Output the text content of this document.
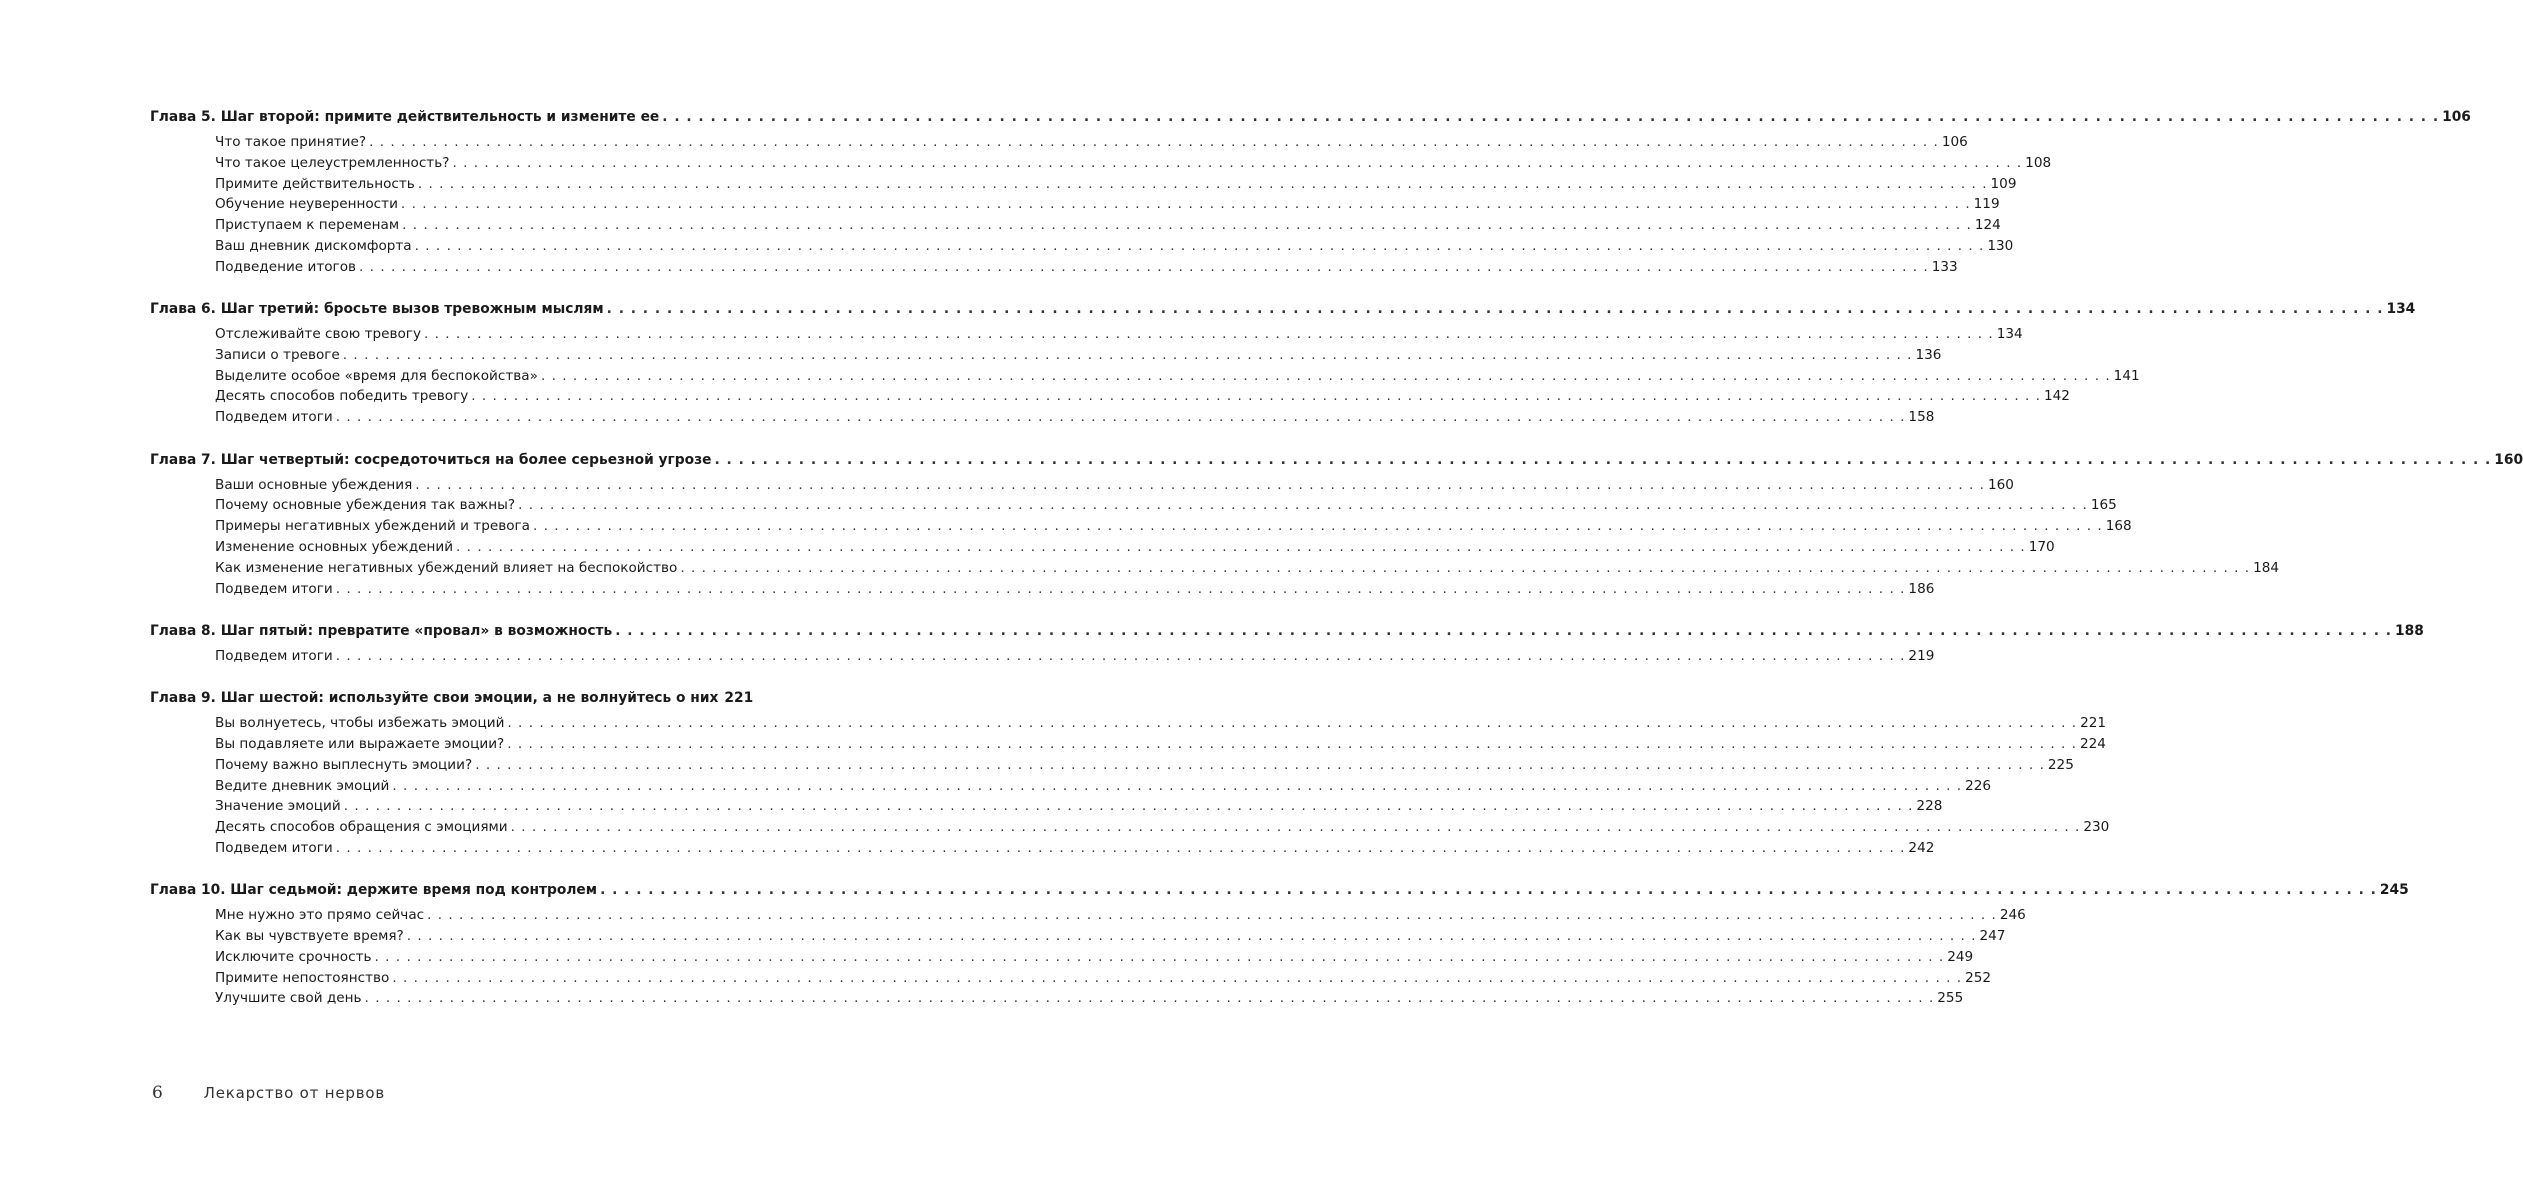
Глава 5. Шаг второй: примите действительность и измените ее . . .	106
Что такое принятие? . . .	106
Что такое целеустремленность? . . .	108
Примите действительность . . .	109
Обучение неуверенности . . .	119
Приступаем к переменам . . .	124
Ваш дневник дискомфорта . . .	130
Подведение итогов . . .	133
Глава 6. Шаг третий: бросьте вызов тревожным мыслям . . .	134
Отслеживайте свою тревогу . . .	134
Записи о тревоге . . .	136
Выделите особое «время для беспокойства» . . .	141
Десять способов победить тревогу . . .	142
Подведем итоги . . .	158
Глава 7. Шаг четвертый: сосредоточиться на более серьезной угрозе . . .	160
Ваши основные убеждения . . .	160
Почему основные убеждения так важны? . . .	165
Примеры негативных убеждений и тревога . . .	168
Изменение основных убеждений . . .	170
Как изменение негативных убеждений влияет на беспокойство . . .	184
Подведем итоги . . .	186
Глава 8. Шаг пятый: превратите «провал» в возможность . . .	188
Подведем итоги . . .	219
Глава 9. Шаг шестой: используйте свои эмоции, а не волнуйтесь о них 221
Вы волнуетесь, чтобы избежать эмоций . . .	221
Вы подавляете или выражаете эмоции? . . .	224
Почему важно выплеснуть эмоции? . . .	225
Ведите дневник эмоций . . .	226
Значение эмоций . . .	228
Десять способов обращения с эмоциями . . .	230
Подведем итоги . . .	242
Глава 10. Шаг седьмой: держите время под контролем . . .	245
Мне нужно это прямо сейчас . . .	246
Как вы чувствуете время? . . .	247
Исключите срочность . . .	249
Примите непостоянство . . .	252
Улучшите свой день . . .	255
6	Лекарство от нервов
